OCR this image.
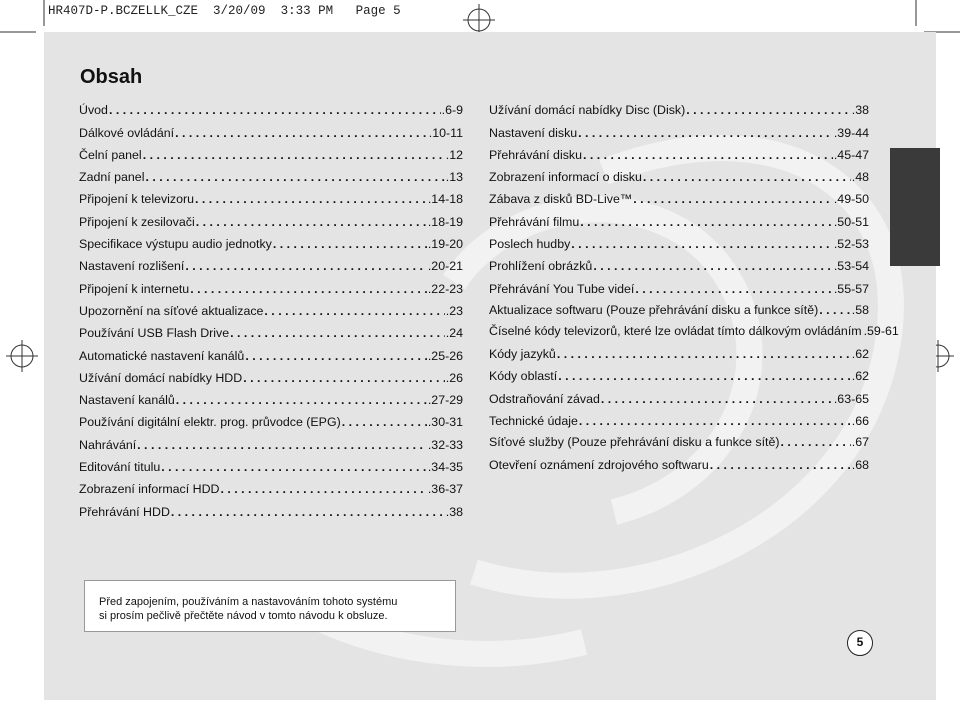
HR407D-P.BCZELLK_CZE 3/20/09 3:33 PM Page 5
Obsah
Úvod . . .	.6-9
Dálkové ovládání . . .	.10-11
Čelní panel . . .	.12
Zadní panel . . .	.13
Připojení k televizoru . . .	.14-18
Připojení k zesilovači . . .	.18-19
Specifikace výstupu audio jednotky . . .	.19-20
Nastavení rozlišení . . .	.20-21
Připojení k internetu . . .	.22-23
Upozornění na síťové aktualizace . . .	.23
Používání USB Flash Drive . . .	.24
Automatické nastavení kanálů . . .	.25-26
Užívání domácí nabídky HDD . . .	.26
Nastavení kanálů . . .	.27-29
Používání digitální elektr. prog. průvodce (EPG) . . .	.30-31
Nahrávání . . .	.32-33
Editování titulu . . .	.34-35
Zobrazení informací HDD . . .	.36-37
Přehrávání HDD . . .	.38
Užívání domácí nabídky Disc (Disk) . . .	.38
Nastavení disku . . .	.39-44
Přehrávání disku . . .	.45-47
Zobrazení informací o disku . . .	.48
Zábava z disků BD-Live™ . . .	.49-50
Přehrávání filmu . . .	.50-51
Poslech hudby . . .	.52-53
Prohlížení obrázků . . .	.53-54
Přehrávání You Tube videí . . .	.55-57
Aktualizace softwaru (Pouze přehrávání disku a funkce sítě) . . .	.58
Číselné kódy televizorů, které lze ovládat tímto dálkovým ovládáním .59-61
Kódy jazyků . . .	.62
Kódy oblastí . . .	.62
Odstraňování závad . . .	.63-65
Technické údaje . . .	.66
Síťové služby (Pouze přehrávání disku a funkce sítě) . . .	.67
Otevření oznámení zdrojového softwaru . . .	.68
Před zapojením, používáním a nastavováním tohoto systému
si prosím pečlivě přečtěte návod v tomto návodu k obsluze.
5
